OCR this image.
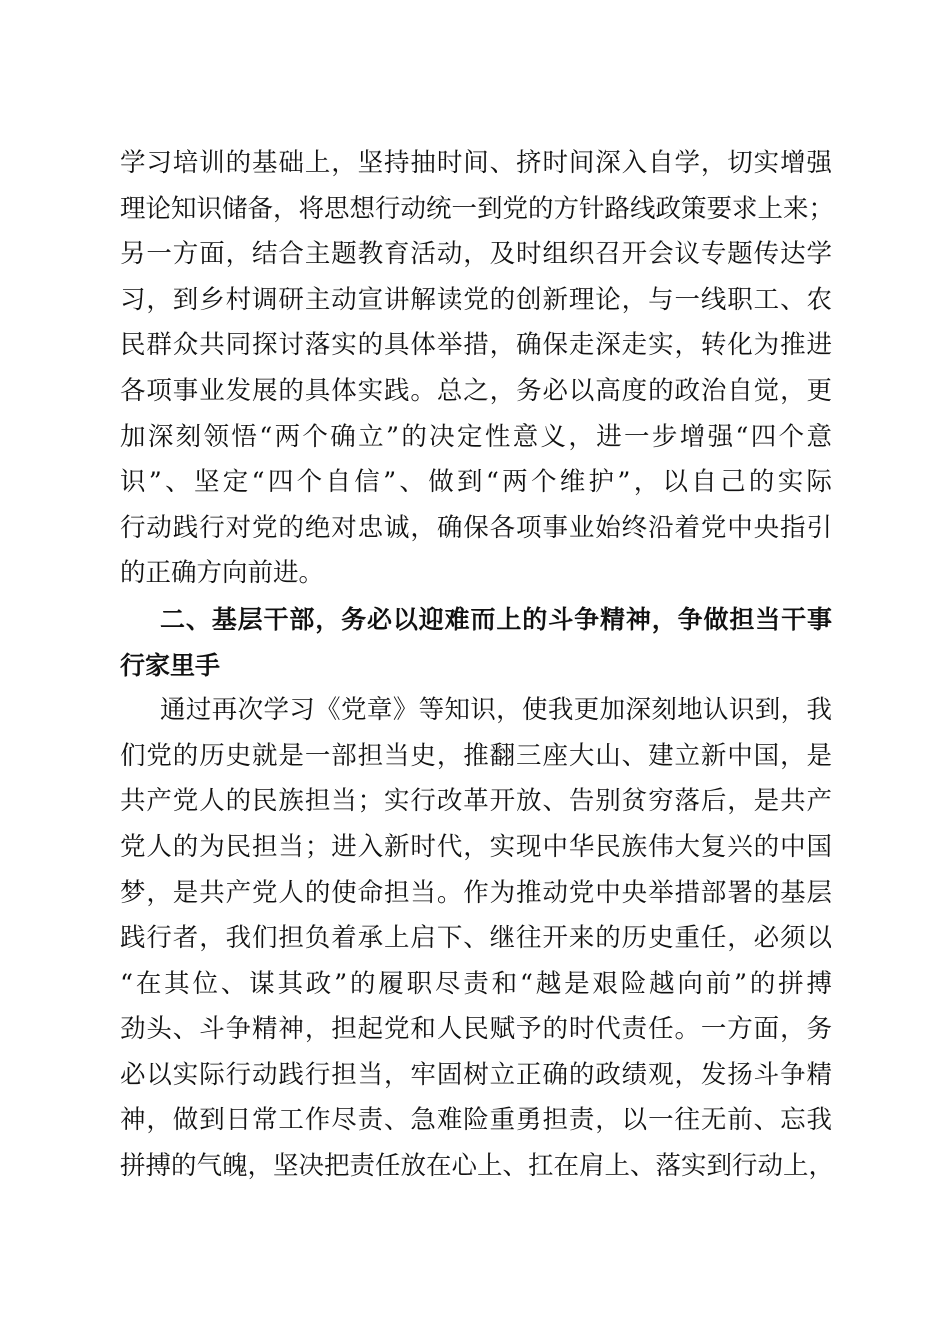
学习培训的基础上，坚持抽时间、挤时间深入自学，切实增强
理论知识储备，将思想行动统一到党的方针路线政策要求上来；
另一方面，结合主题教育活动，及时组织召开会议专题传达学
习，到乡村调研主动宣讲解读党的创新理论，与一线职工、农
民群众共同探讨落实的具体举措，确保走深走实，转化为推进
各项事业发展的具体实践。总之，务必以高度的政治自觉，更
加深刻领悟“两个确立”的决定性意义，进一步增强“四个意
识”、坚定“四个自信”、做到“两个维护”，以自己的实际
行动践行对党的绝对忠诚，确保各项事业始终沿着党中央指引
的正确方向前进。
二、基层干部，务必以迎难而上的斗争精神，争做担当干事
行家里手
通过再次学习《党章》等知识，使我更加深刻地认识到，我
们党的历史就是一部担当史，推翻三座大山、建立新中国，是
共产党人的民族担当；实行改革开放、告别贫穷落后，是共产
党人的为民担当；进入新时代，实现中华民族伟大复兴的中国
梦，是共产党人的使命担当。作为推动党中央举措部署的基层
践行者，我们担负着承上启下、继往开来的历史重任，必须以
“在其位、谋其政”的履职尽责和“越是艰险越向前”的拼搏
劲头、斗争精神，担起党和人民赋予的时代责任。一方面，务
必以实际行动践行担当，牢固树立正确的政绩观，发扬斗争精
神，做到日常工作尽责、急难险重勇担责，以一往无前、忘我
拼搏的气魄，坚决把责任放在心上、扛在肩上、落实到行动上，
